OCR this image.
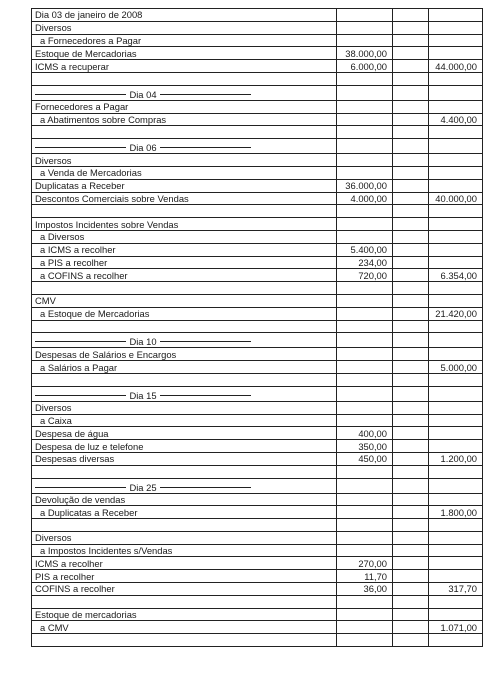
Dia 03 de janeiro de 2008			
Diversos			
a Fornecedores a Pagar			
Estoque de Mercadorias	38.000,00		
ICMS a recuperar	6.000,00		44.000,00

Dia 04			

Fornecedores a Pagar			
a Abatimentos sobre Compras			4.400,00

Dia 06			

Diversos			
a Venda de Mercadorias			
Duplicatas a Receber	36.000,00		
Descontos Comerciais sobre Vendas	4.000,00		40.000,00

Impostos Incidentes sobre Vendas			
a Diversos			
a ICMS a recolher	5.400,00		
a PIS a recolher	234,00		
a COFINS a recolher	720,00		6.354,00

CMV			
a Estoque de Mercadorias			21.420,00

Dia 10			

Despesas de Salários e Encargos			
a Salários a Pagar			5.000,00

Dia 15			

Diversos			
a Caixa			
Despesa de água	400,00		
Despesa de luz e telefone	350,00		
Despesas diversas	450,00		1.200,00

Dia 25			

Devolução de vendas			
a Duplicatas a Receber			1.800,00

Diversos			
a Impostos Incidentes s/Vendas			
ICMS a recolher	270,00		
PIS a recolher	11,70		
COFINS a recolher	36,00		317,70

Estoque de mercadorias			
a CMV			1.071,00
